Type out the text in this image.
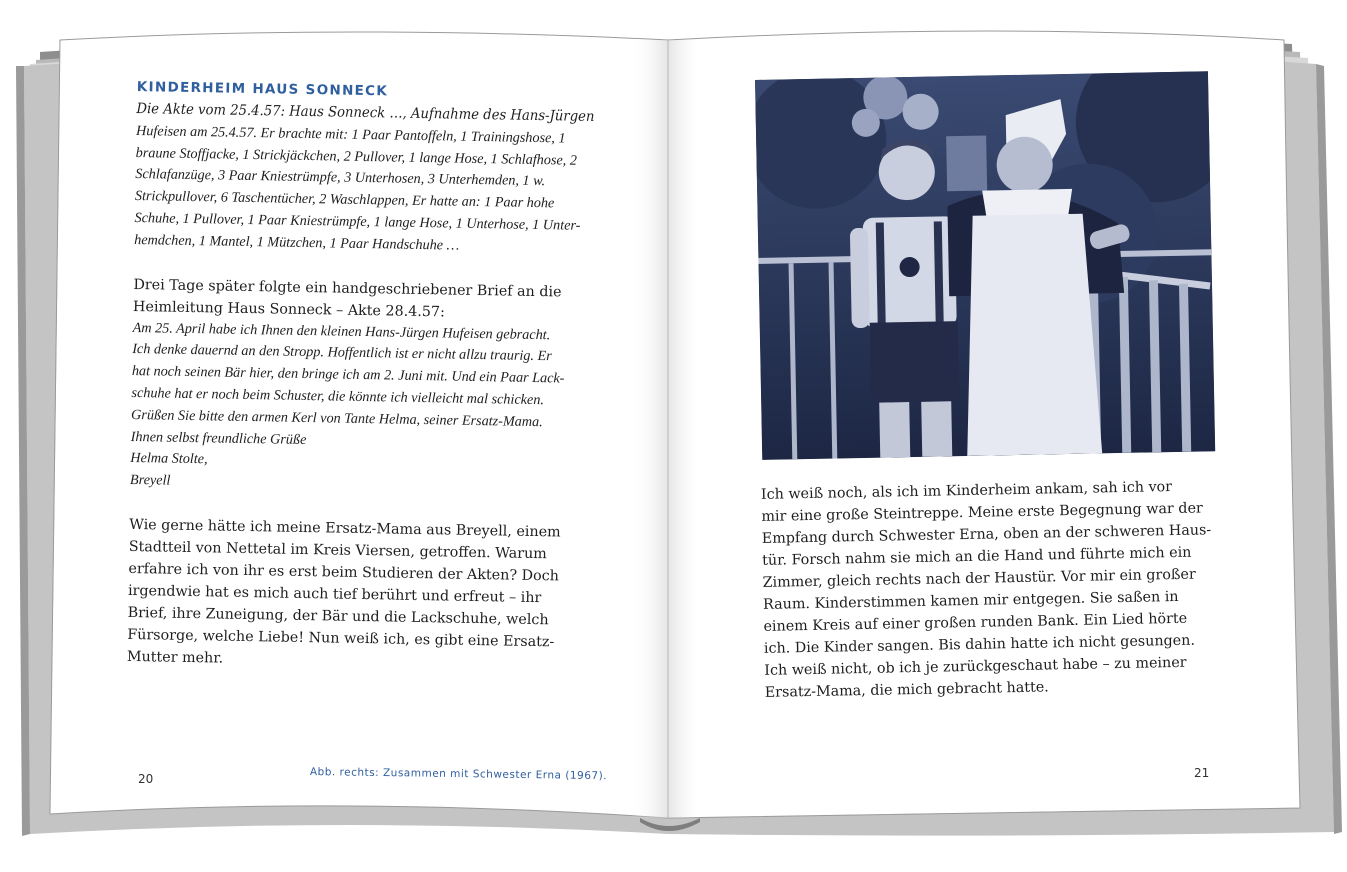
KINDERHEIM HAUS SONNECK
Die Akte vom 25.4.57: Haus Sonneck …, Aufnahme des Hans-Jürgen
Hufeisen am 25.4.57. Er brachte mit: 1 Paar Pantoffeln, 1 Trainingshose, 1
braune Stoffjacke, 1 Strickjäckchen, 2 Pullover, 1 lange Hose, 1 Schlafhose, 2
Schlafanzüge, 3 Paar Kniestrümpfe, 3 Unterhosen, 3 Unterhemden, 1 w.
Strickpullover, 6 Taschentücher, 2 Waschlappen, Er hatte an: 1 Paar hohe
Schuhe, 1 Pullover, 1 Paar Kniestrümpfe, 1 lange Hose, 1 Unterhose, 1 Unter-
hemdchen, 1 Mantel, 1 Mützchen, 1 Paar Handschuhe …
Drei Tage später folgte ein handgeschriebener Brief an die
Heimleitung Haus Sonneck – Akte 28.4.57:
Am 25. April habe ich Ihnen den kleinen Hans-Jürgen Hufeisen gebracht.
Ich denke dauernd an den Stropp. Hoffentlich ist er nicht allzu traurig. Er
hat noch seinen Bär hier, den bringe ich am 2. Juni mit. Und ein Paar Lack-
schuhe hat er noch beim Schuster, die könnte ich vielleicht mal schicken.
Grüßen Sie bitte den armen Kerl von Tante Helma, seiner Ersatz-Mama.
Ihnen selbst freundliche Grüße
Helma Stolte,
Breyell
Wie gerne hätte ich meine Ersatz-Mama aus Breyell, einem
Stadtteil von Nettetal im Kreis Viersen, getroffen. Warum
erfahre ich von ihr es erst beim Studieren der Akten? Doch
irgendwie hat es mich auch tief berührt und erfreut – ihr
Brief, ihre Zuneigung, der Bär und die Lackschuhe, welch
Fürsorge, welche Liebe! Nun weiß ich, es gibt eine Ersatz-
Mutter mehr.
20	Abb. rechts: Zusammen mit Schwester Erna (1967).
Ich weiß noch, als ich im Kinderheim ankam, sah ich vor
mir eine große Steintreppe. Meine erste Begegnung war der
Empfang durch Schwester Erna, oben an der schweren Haus-
tür. Forsch nahm sie mich an die Hand und führte mich ein
Zimmer, gleich rechts nach der Haustür. Vor mir ein großer
Raum. Kinderstimmen kamen mir entgegen. Sie saßen in
einem Kreis auf einer großen runden Bank. Ein Lied hörte
ich. Die Kinder sangen. Bis dahin hatte ich nicht gesungen.
Ich weiß nicht, ob ich je zurückgeschaut habe – zu meiner
Ersatz-Mama, die mich gebracht hatte.
21
